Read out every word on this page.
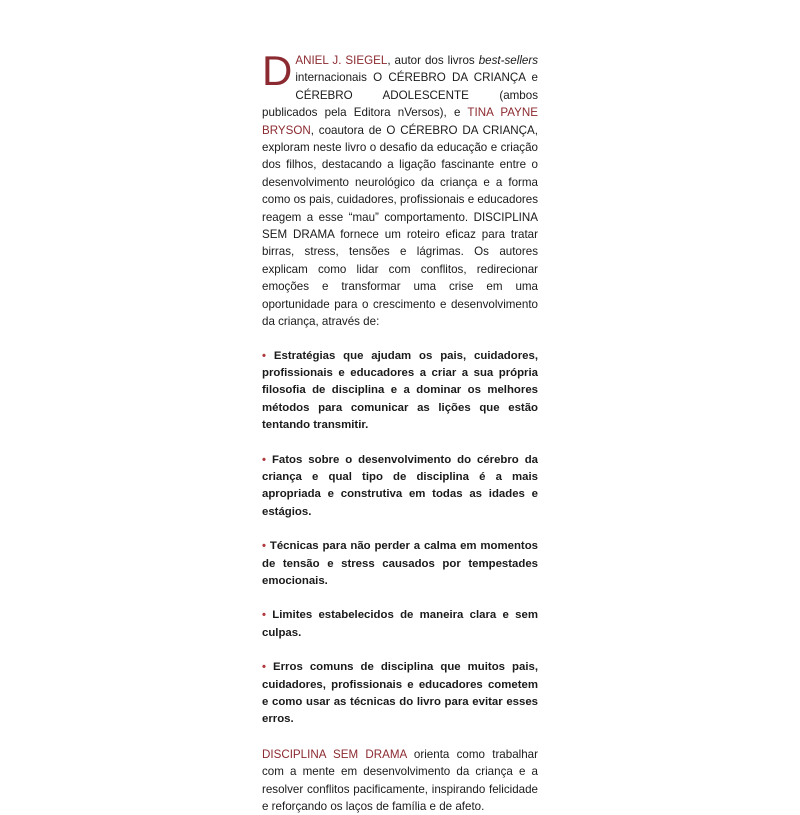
DANIEL J. SIEGEL, autor dos livros best-sellers internacionais O CÉREBRO DA CRIANÇA e CÉREBRO ADOLESCENTE (ambos publicados pela Editora nVersos), e TINA PAYNE BRYSON, coautora de O CÉREBRO DA CRIANÇA, exploram neste livro o desafio da educação e criação dos filhos, destacando a ligação fascinante entre o desenvolvimento neurológico da criança e a forma como os pais, cuidadores, profissionais e educadores reagem a esse “mau” comportamento. DISCIPLINA SEM DRAMA fornece um roteiro eficaz para tratar birras, stress, tensões e lágrimas. Os autores explicam como lidar com conflitos, redirecionar emoções e transformar uma crise em uma oportunidade para o crescimento e desenvolvimento da criança, através de:

• Estratégias que ajudam os pais, cuidadores, profissionais e educadores a criar a sua própria filosofia de disciplina e a dominar os melhores métodos para comunicar as lições que estão tentando transmitir.

• Fatos sobre o desenvolvimento do cérebro da criança e qual tipo de disciplina é a mais apropriada e construtiva em todas as idades e estágios.

• Técnicas para não perder a calma em momentos de tensão e stress causados por tempestades emocionais.

• Limites estabelecidos de maneira clara e sem culpas.

• Erros comuns de disciplina que muitos pais, cuidadores, profissionais e educadores cometem e como usar as técnicas do livro para evitar esses erros.

DISCIPLINA SEM DRAMA orienta como trabalhar com a mente em desenvolvimento da criança e a resolver conflitos pacificamente, inspirando felicidade e reforçando os laços de família e de afeto.
